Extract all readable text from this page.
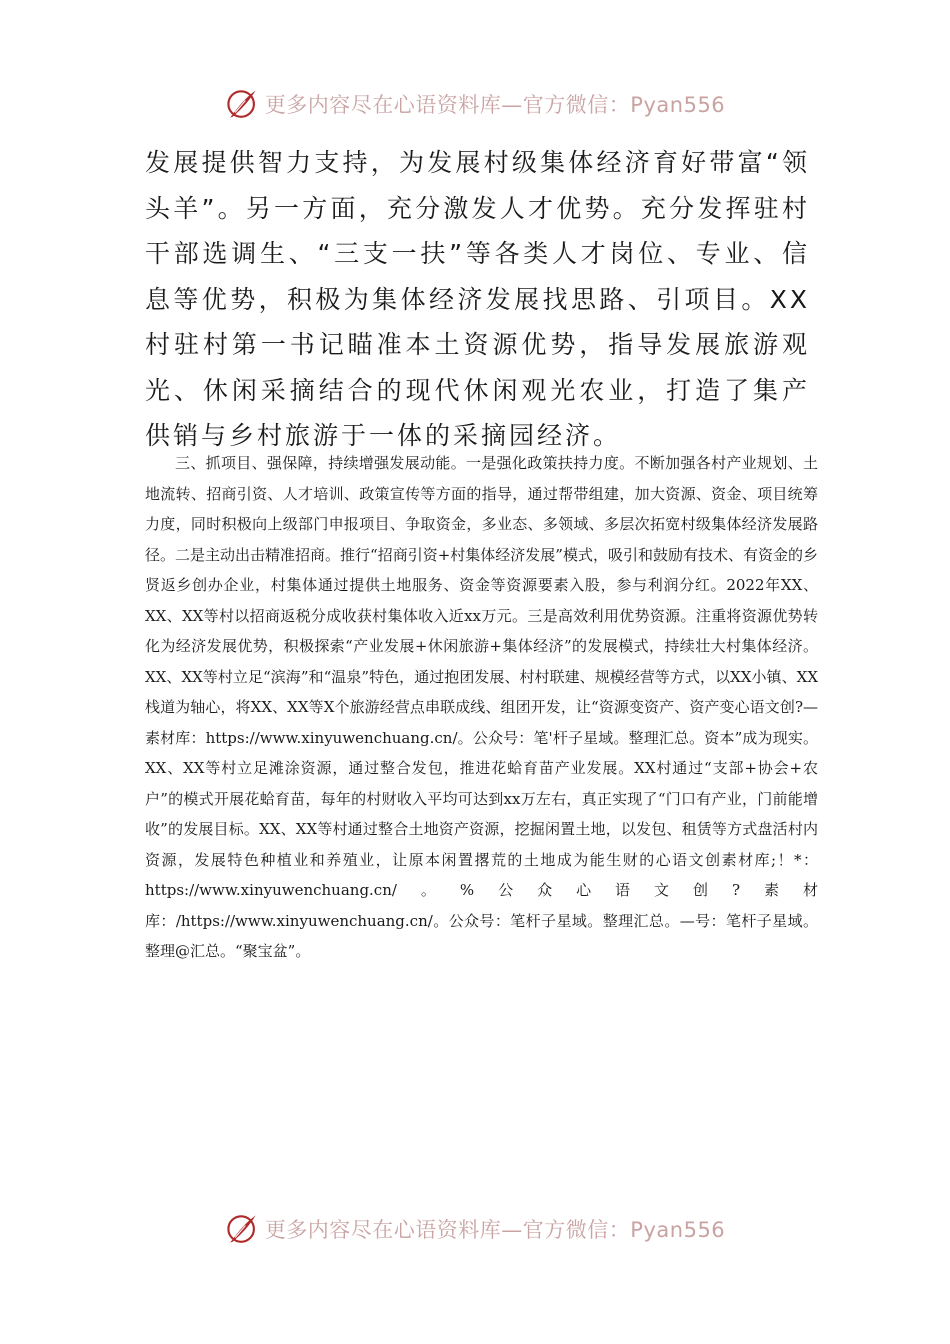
更多内容尽在心语资料库—官方微信：Pyan556

发展提供智力支持，为发展村级集体经济育好带富“领头羊”。另一方面，充分激发人才优势。充分发挥驻村干部选调生、“三支一扶”等各类人才岗位、专业、信息等优势，积极为集体经济发展找思路、引项目。XX村驻村第一书记瞄准本土资源优势，指导发展旅游观光、休闲采摘结合的现代休闲观光农业，打造了集产供销与乡村旅游于一体的采摘园经济。

三、抓项目、强保障，持续增强发展动能。一是强化政策扶持力度。不断加强各村产业规划、土地流转、招商引资、人才培训、政策宣传等方面的指导，通过帮带组建，加大资源、资金、项目统筹力度，同时积极向上级部门申报项目、争取资金，多业态、多领域、多层次拓宽村级集体经济发展路径。二是主动出击精准招商。推行“招商引资+村集体经济发展”模式，吸引和鼓励有技术、有资金的乡贤返乡创办企业，村集体通过提供土地服务、资金等资源要素入股，参与利润分红。2022年XX、XX、XX等村以招商返税分成收获村集体收入近xx万元。三是高效利用优势资源。注重将资源优势转化为经济发展优势，积极探索“产业发展+休闲旅游+集体经济”的发展模式，持续壮大村集体经济。XX、XX等村立足“滨海”和“温泉”特色，通过抱团发展、村村联建、规模经营等方式，以XX小镇、XX栈道为轴心，将XX、XX等X个旅游经营点串联成线、组团开发，让“资源变资产、资产变心语文创?—素材库：https://www.xinyuwenchuang.cn/。公众号：笔'杆子星域。整理汇总。资本”成为现实。XX、XX等村立足滩涂资源，通过整合发包，推进花蛤育苗产业发展。XX村通过“支部+协会+农户”的模式开展花蛤育苗，每年的村财收入平均可达到xx万左右，真正实现了“门口有产业，门前能增收”的发展目标。XX、XX等村通过整合土地资产资源，挖掘闲置土地，以发包、租赁等方式盘活村内资源，发展特色种植业和养殖业，让原本闲置撂荒的土地成为能生财的心语文创素材库;！*：https://www.xinyuwenchuang.cn/。%公众心语文创?素材库：/https://www.xinyuwenchuang.cn/。公众号：笔杆子星域。整理汇总。—号：笔杆子星域。整理@汇总。“聚宝盆”。

更多内容尽在心语资料库—官方微信：Pyan556
